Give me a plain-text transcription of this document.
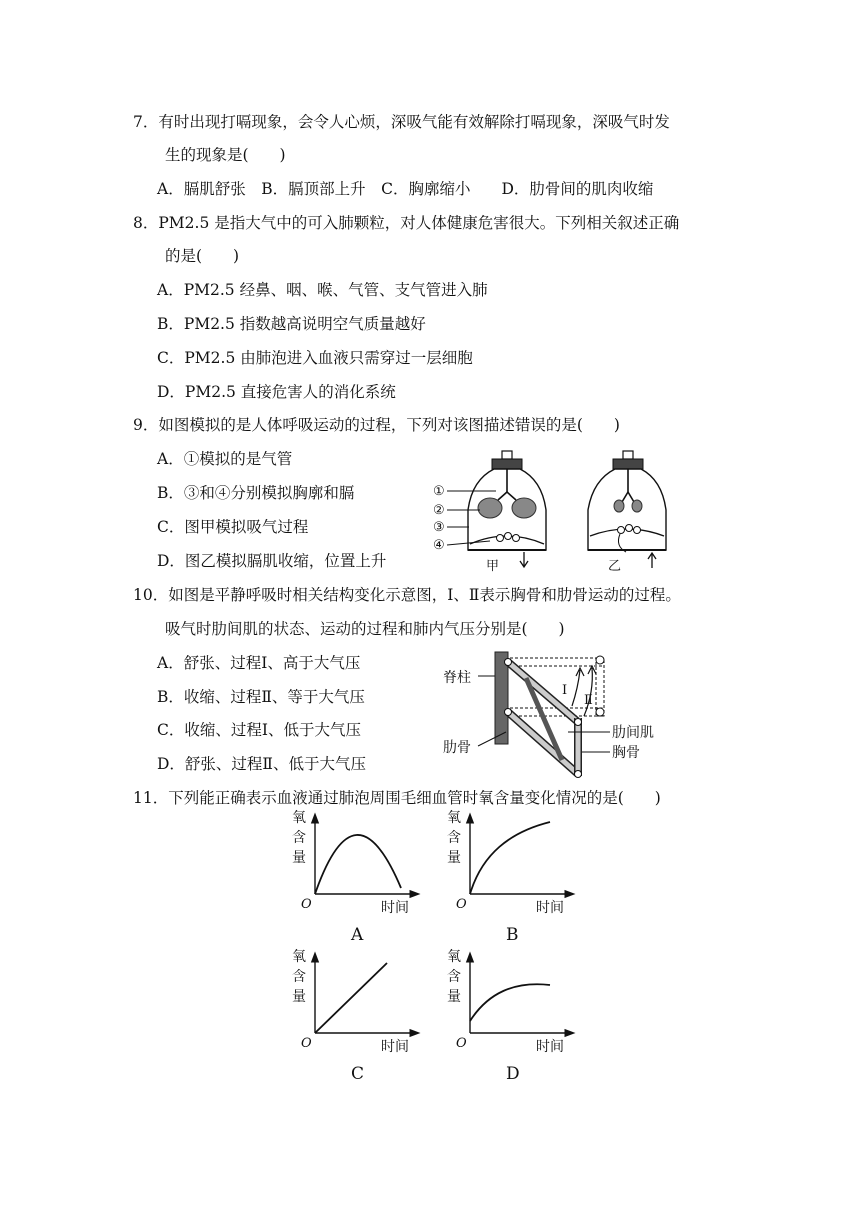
7．有时出现打嗝现象，会令人心烦，深吸气能有效解除打嗝现象，深吸气时发
生的现象是(　　)
A．膈肌舒张　B．膈顶部上升　C．胸廓缩小　　D．肋骨间的肌肉收缩
8．PM2.5 是指大气中的可入肺颗粒，对人体健康危害很大。下列相关叙述正确
的是(　　)
A．PM2.5 经鼻、咽、喉、气管、支气管进入肺
B．PM2.5 指数越高说明空气质量越好
C．PM2.5 由肺泡进入血液只需穿过一层细胞
D．PM2.5 直接危害人的消化系统
9．如图模拟的是人体呼吸运动的过程，下列对该图描述错误的是(　　)
A．①模拟的是气管
B．③和④分别模拟胸廓和膈
C．图甲模拟吸气过程
D．图乙模拟膈肌收缩，位置上升
①
②
③
④
甲	乙
10．如图是平静呼吸时相关结构变化示意图，Ⅰ、Ⅱ表示胸骨和肋骨运动的过程。
吸气时肋间肌的状态、运动的过程和肺内气压分别是(　　)
A．舒张、过程Ⅰ、高于大气压
B．收缩、过程Ⅱ、等于大气压
C．收缩、过程Ⅰ、低于大气压
D．舒张、过程Ⅱ、低于大气压
脊柱
肋骨
Ⅰ
Ⅱ
肋间肌
胸骨
11．下列能正确表示血液通过肺泡周围毛细血管时氧含量变化情况的是(　　)
氧
含
量
O	时间
A
氧
含
量
O	时间
B
氧
含
量
O	时间
C
氧
含
量
O	时间
D
